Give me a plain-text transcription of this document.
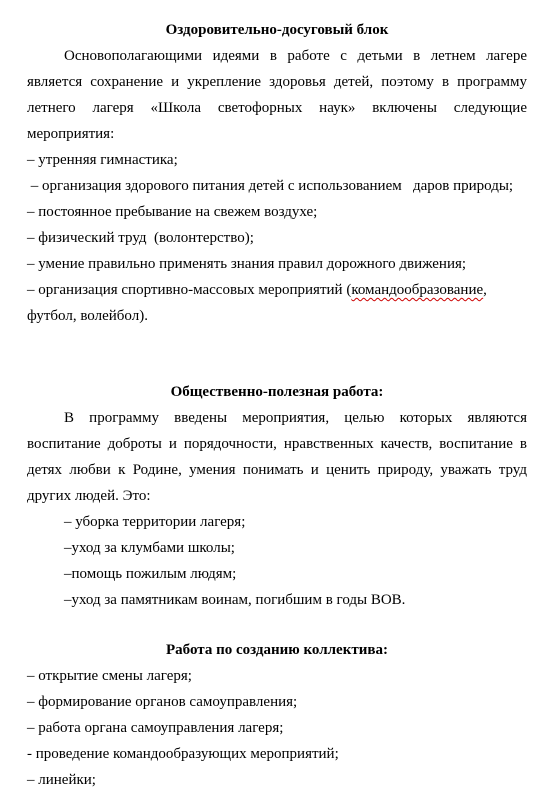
Оздоровительно-досуговый блок
Основополагающими идеями в работе с детьми в летнем лагере
является сохранение и укрепление здоровья детей, поэтому в программу
летнего лагеря «Школа светофорных наук» включены следующие
мероприятия:
– утренняя гимнастика;
– организация здорового питания детей с использованием   даров природы;
– постоянное пребывание на свежем воздухе;
– физический труд  (волонтерство);
– умение правильно применять знания правил дорожного движения;
– организация спортивно-массовых мероприятий (командообразование,
футбол, волейбол).
Общественно-полезная работа:
В программу введены мероприятия, целью которых являются
воспитание доброты и порядочности, нравственных качеств, воспитание в
детях любви к Родине, умения понимать и ценить природу, уважать труд
других людей. Это:
– уборка территории лагеря;
–уход за клумбами школы;
–помощь пожилым людям;
–уход за памятникам воинам, погибшим в годы ВОВ.
Работа по созданию коллектива:
– открытие смены лагеря;
– формирование органов самоуправления;
– работа органа самоуправления лагеря;
- проведение командообразующих мероприятий;
– линейки;
